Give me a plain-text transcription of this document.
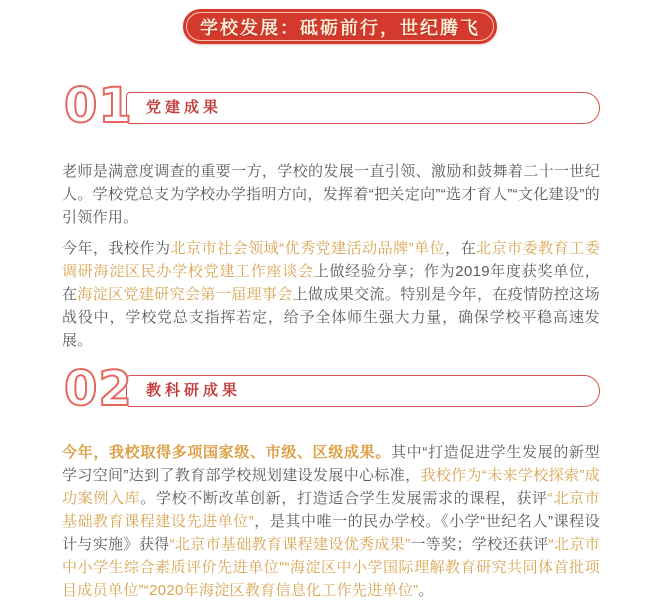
学校发展：砥砺前行，世纪腾飞
01 党建成果

老师是满意度调查的重要一方，学校的发展一直引领、激励和鼓舞着二十一世纪人。学校党总支为学校办学指明方向，发挥着“把关定向”“选才育人”“文化建设”的引领作用。

今年，我校作为北京市社会领域“优秀党建活动品牌”单位，在北京市委教育工委调研海淀区民办学校党建工作座谈会上做经验分享；作为2019年度获奖单位，在海淀区党建研究会第一届理事会上做成果交流。特别是今年，在疫情防控这场战役中，学校党总支指挥若定，给予全体师生强大力量，确保学校平稳高速发展。

02 教科研成果

今年，我校取得多项国家级、市级、区级成果。其中“打造促进学生发展的新型学习空间”达到了教育部学校规划建设发展中心标准，我校作为“未来学校探索”成功案例入库。学校不断改革创新，打造适合学生发展需求的课程，获评“北京市基础教育课程建设先进单位”，是其中唯一的民办学校。《小学“世纪名人”课程设计与实施》获得“北京市基础教育课程建设优秀成果”一等奖；学校还获评“北京市中小学生综合素质评价先进单位”“海淀区中小学国际理解教育研究共同体首批项目成员单位”“2020年海淀区教育信息化工作先进单位”。
